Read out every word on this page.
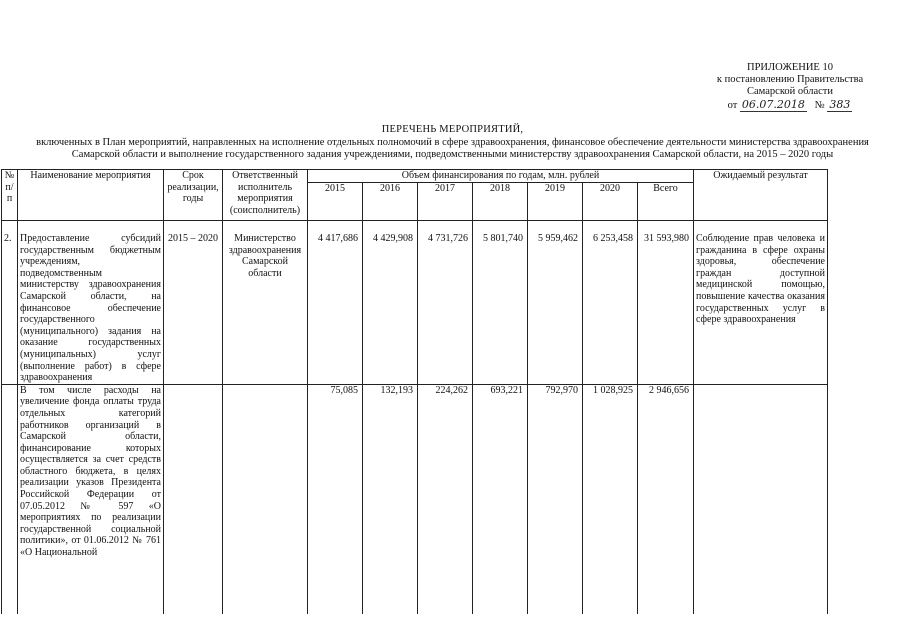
ПРИЛОЖЕНИЕ 10
к постановлению Правительства
Самарской области
от 06.07.2018 № 383
ПЕРЕЧЕНЬ МЕРОПРИЯТИЙ,
включенных в План мероприятий, направленных на исполнение отдельных полномочий в сфере здравоохранения, финансовое обеспечение деятельности министерства здравоохранения
Самарской области и выполнение государственного задания учреждениями, подведомственными министерству здравоохранения Самарской области, на 2015 – 2020 годы
№ п/п	Наименование мероприятия	Срок реализации, годы	Ответственный исполнитель мероприятия (соисполнитель)	Объем финансирования по годам, млн. рублей							Ожидаемый результат
				2015	2016	2017	2018	2019	2020	Всего	
2.	Предоставление субсидий государственным бюджетным учреждениям, подведомственным министерству здравоохранения Самарской области, на финансовое обеспечение государственного (муниципального) задания на оказание государственных (муниципальных) услуг (выполнение работ) в сфере здравоохранения	2015 – 2020	Министерство здравоохранения Самарской области	4 417,686	4 429,908	4 731,726	5 801,740	5 959,462	6 253,458	31 593,980	Соблюдение прав человека и гражданина в сфере охраны здоровья, обеспечение граждан доступной медицинской помощью, повышение качества оказания государственных услуг в сфере здравоохранения
	В том числе расходы на увеличение фонда оплаты труда отдельных категорий работников организаций в Самарской области, финансирование которых осуществляется за счет средств областного бюджета, в целях реализации указов Президента Российской Федерации от 07.05.2012 № 597 «О мероприятиях по реализации государственной социальной политики», от 01.06.2012 № 761 «О Национальной			75,085	132,193	224,262	693,221	792,970	1 028,925	2 946,656	
